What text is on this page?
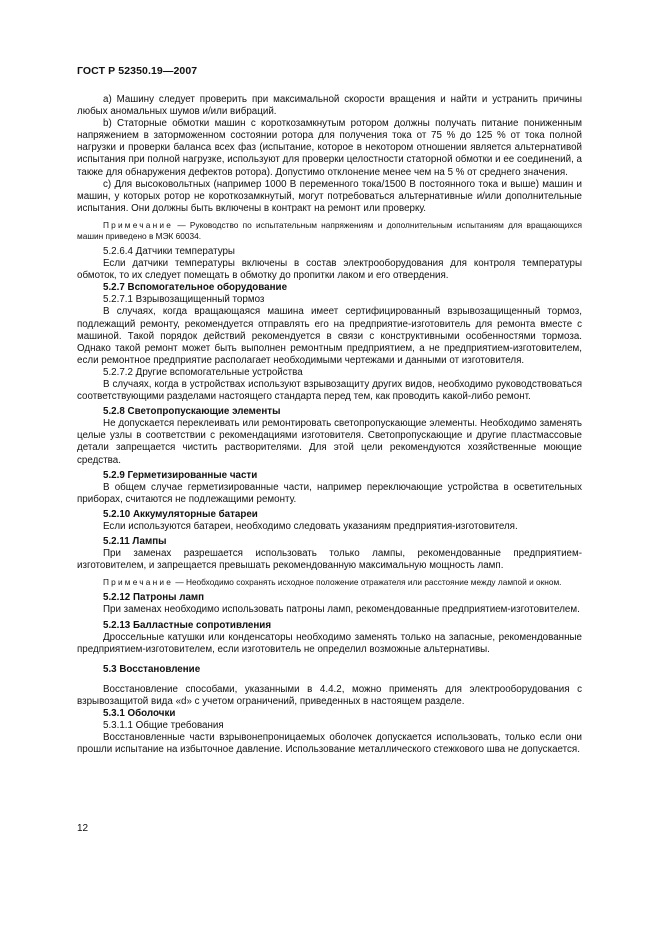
ГОСТ Р 52350.19—2007

а) Машину следует проверить при максимальной скорости вращения и найти и устранить причины любых аномальных шумов и/или вибраций.

b) Статорные обмотки машин с короткозамкнутым ротором должны получать питание пониженным напряжением в заторможенном состоянии ротора для получения тока от 75 % до 125 % от тока полной нагрузки и проверки баланса всех фаз (испытание, которое в некотором отношении является альтернативой испытания при полной нагрузке, используют для проверки целостности статорной обмотки и ее соединений, а также для обнаружения дефектов ротора). Допустимо отклонение менее чем на 5 % от среднего значения.

с) Для высоковольтных (например 1000 В переменного тока/1500 В постоянного тока и выше) машин и машин, у которых ротор не короткозамкнутый, могут потребоваться альтернативные и/или дополнительные испытания. Они должны быть включены в контракт на ремонт или проверку.

Примечание — Руководство по испытательным напряжениям и дополнительным испытаниям для вращающихся машин приведено в МЭК 60034.

5.2.6.4 Датчики температуры

Если датчики температуры включены в состав электрооборудования для контроля температуры обмоток, то их следует помещать в обмотку до пропитки лаком и его отвердения.

5.2.7 Вспомогательное оборудование

5.2.7.1 Взрывозащищенный тормоз

В случаях, когда вращающаяся машина имеет сертифицированный взрывозащищенный тормоз, подлежащий ремонту, рекомендуется отправлять его на предприятие-изготовитель для ремонта вместе с машиной. Такой порядок действий рекомендуется в связи с конструктивными особенностями тормоза. Однако такой ремонт может быть выполнен ремонтным предприятием, а не предприятием-изготовителем, если ремонтное предприятие располагает необходимыми чертежами и данными от изготовителя.

5.2.7.2 Другие вспомогательные устройства

В случаях, когда в устройствах используют взрывозащиту других видов, необходимо руководствоваться соответствующими разделами настоящего стандарта перед тем, как проводить какой-либо ремонт.

5.2.8 Светопропускающие элементы

Не допускается переклеивать или ремонтировать светопропускающие элементы. Необходимо заменять целые узлы в соответствии с рекомендациями изготовителя. Светопропускающие и другие пластмассовые детали запрещается чистить растворителями. Для этой цели рекомендуются хозяйственные моющие средства.

5.2.9 Герметизированные части

В общем случае герметизированные части, например переключающие устройства в осветительных приборах, считаются не подлежащими ремонту.

5.2.10 Аккумуляторные батареи

Если используются батареи, необходимо следовать указаниям предприятия-изготовителя.

5.2.11 Лампы

При заменах разрешается использовать только лампы, рекомендованные предприятием-изготовителем, и запрещается превышать рекомендованную максимальную мощность ламп.

Примечание — Необходимо сохранять исходное положение отражателя или расстояние между лампой и окном.

5.2.12 Патроны ламп

При заменах необходимо использовать патроны ламп, рекомендованные предприятием-изготовителем.

5.2.13 Балластные сопротивления

Дроссельные катушки или конденсаторы необходимо заменять только на запасные, рекомендованные предприятием-изготовителем, если изготовитель не определил возможные альтернативы.

5.3 Восстановление

Восстановление способами, указанными в 4.4.2, можно применять для электрооборудования с взрывозащитой вида «d» с учетом ограничений, приведенных в настоящем разделе.

5.3.1 Оболочки

5.3.1.1 Общие требования

Восстановленные части взрывонепроницаемых оболочек допускается использовать, только если они прошли испытание на избыточное давление. Использование металлического стежкового шва не допускается.

12
